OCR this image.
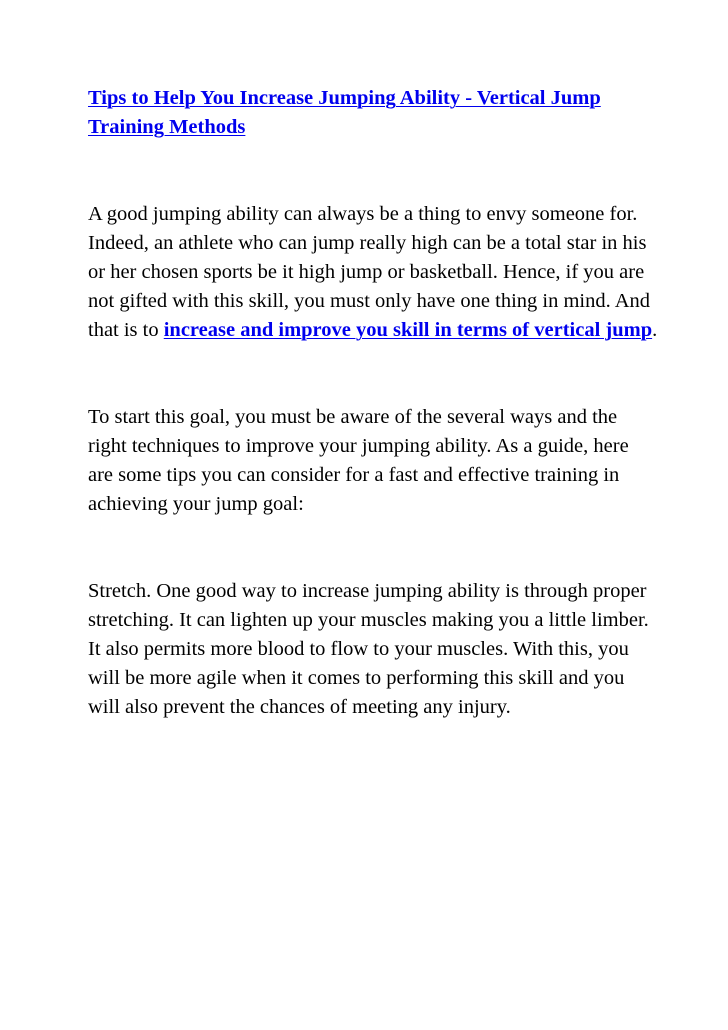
Tips to Help You Increase Jumping Ability - Vertical Jump Training Methods

A good jumping ability can always be a thing to envy someone for. Indeed, an athlete who can jump really high can be a total star in his or her chosen sports be it high jump or basketball. Hence, if you are not gifted with this skill, you must only have one thing in mind. And that is to increase and improve you skill in terms of vertical jump.

To start this goal, you must be aware of the several ways and the right techniques to improve your jumping ability. As a guide, here are some tips you can consider for a fast and effective training in achieving your jump goal:

Stretch. One good way to increase jumping ability is through proper stretching. It can lighten up your muscles making you a little limber. It also permits more blood to flow to your muscles. With this, you will be more agile when it comes to performing this skill and you will also prevent the chances of meeting any injury.
